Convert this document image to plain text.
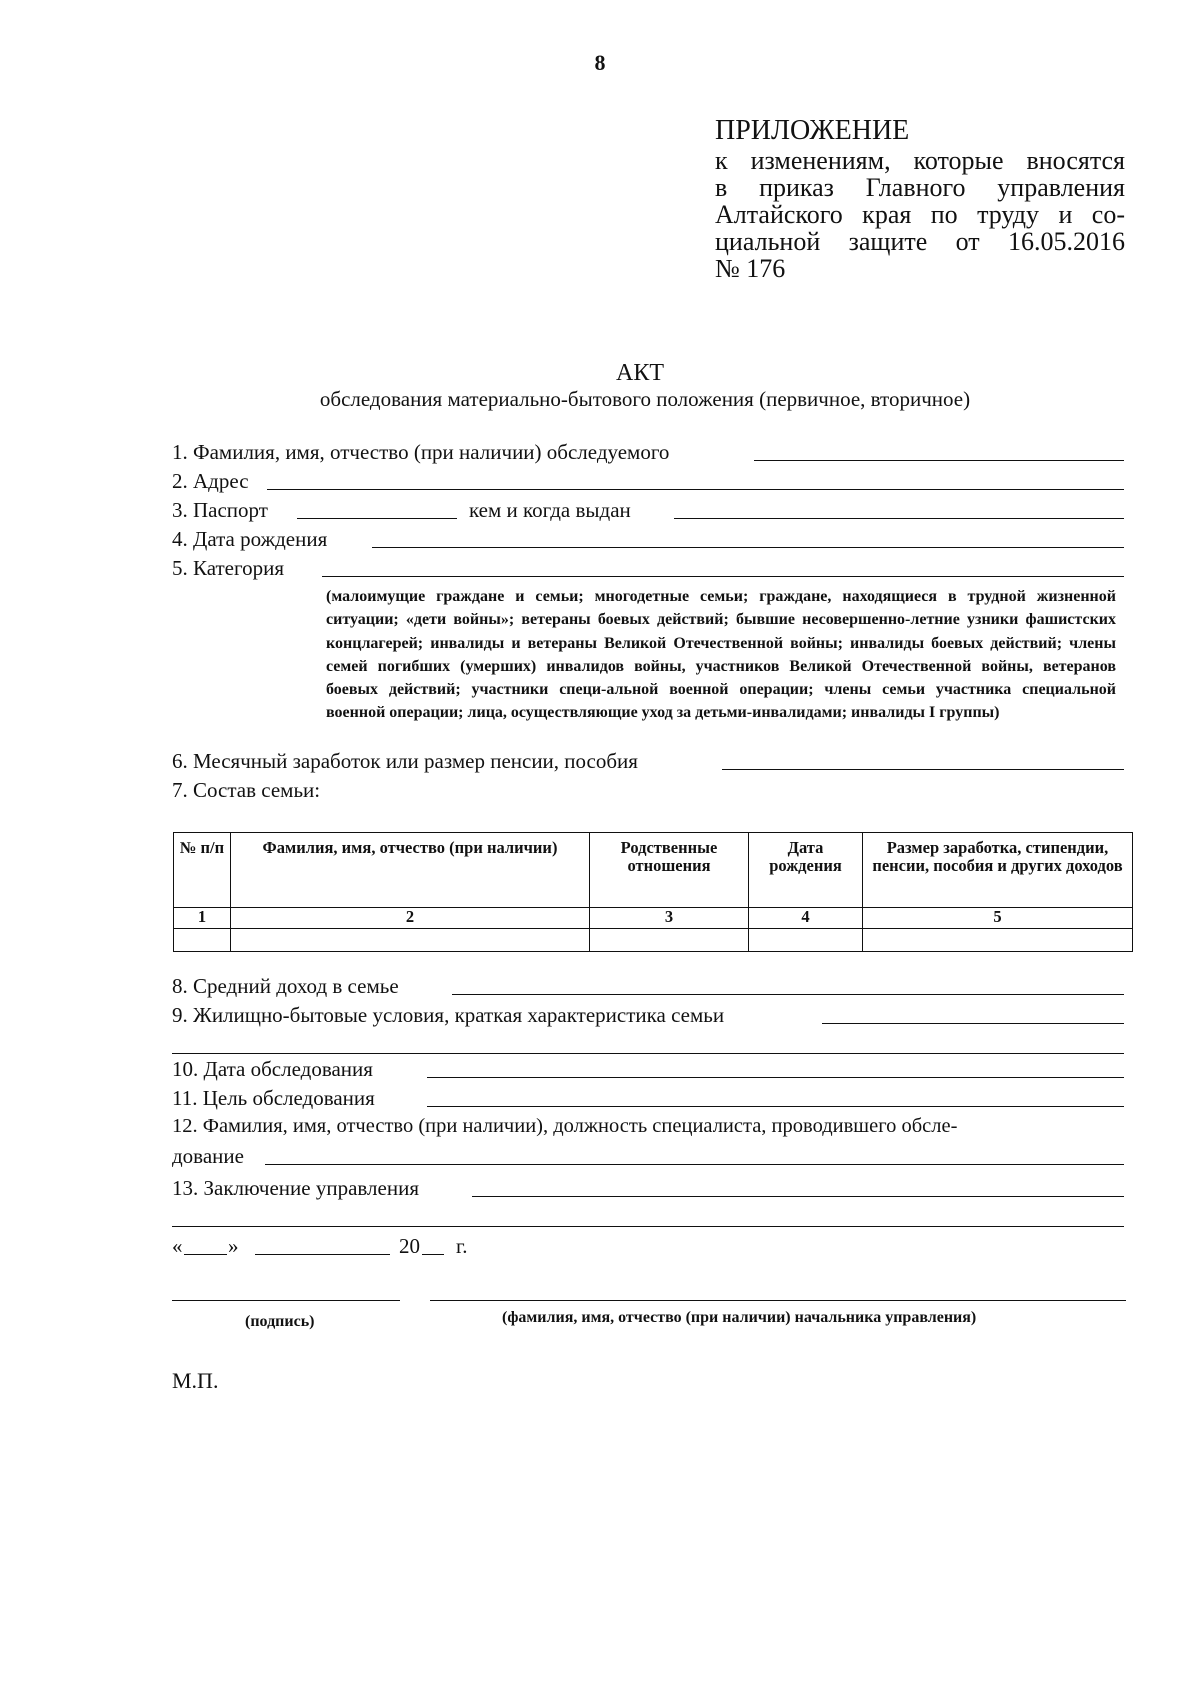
8
ПРИЛОЖЕНИЕ
к изменениям, которые вносятся
в приказ Главного управления
Алтайского края по труду и со-
циальной защите от 16.05.2016
№ 176
АКТ
обследования материально-бытового положения (первичное, вторичное)
1. Фамилия, имя, отчество (при наличии) обследуемого
2. Адрес
3. Паспорт	кем и когда выдан
4. Дата рождения
5. Категория
(малоимущие граждане и семьи; многодетные семьи; граждане, находящиеся в трудной жизненной ситуации; «дети войны»; ветераны боевых действий; бывшие несовершенно-летние узники фашистских концлагерей; инвалиды и ветераны Великой Отечественной войны; инвалиды боевых действий; члены семей погибших (умерших) инвалидов войны, участников Великой Отечественной войны, ветеранов боевых действий; участники специ-альной военной операции; члены семьи участника специальной военной операции; лица, осуществляющие уход за детьми-инвалидами; инвалиды I группы)
6. Месячный заработок или размер пенсии, пособия
7. Состав семьи:
№ п/п	Фамилия, имя, отчество (при наличии)	Родственные отношения	Дата рождения	Размер заработка, стипендии, пенсии, пособия и других доходов
1	2	3	4	5

8. Средний доход в семье
9. Жилищно-бытовые условия, краткая характеристика семьи
10. Дата обследования
11. Цель обследования
12. Фамилия, имя, отчество (при наличии), должность специалиста, проводившего обсле-
дование
13. Заключение управления
« »	20 г.
(подпись)	(фамилия, имя, отчество (при наличии) начальника управления)
М.П.
